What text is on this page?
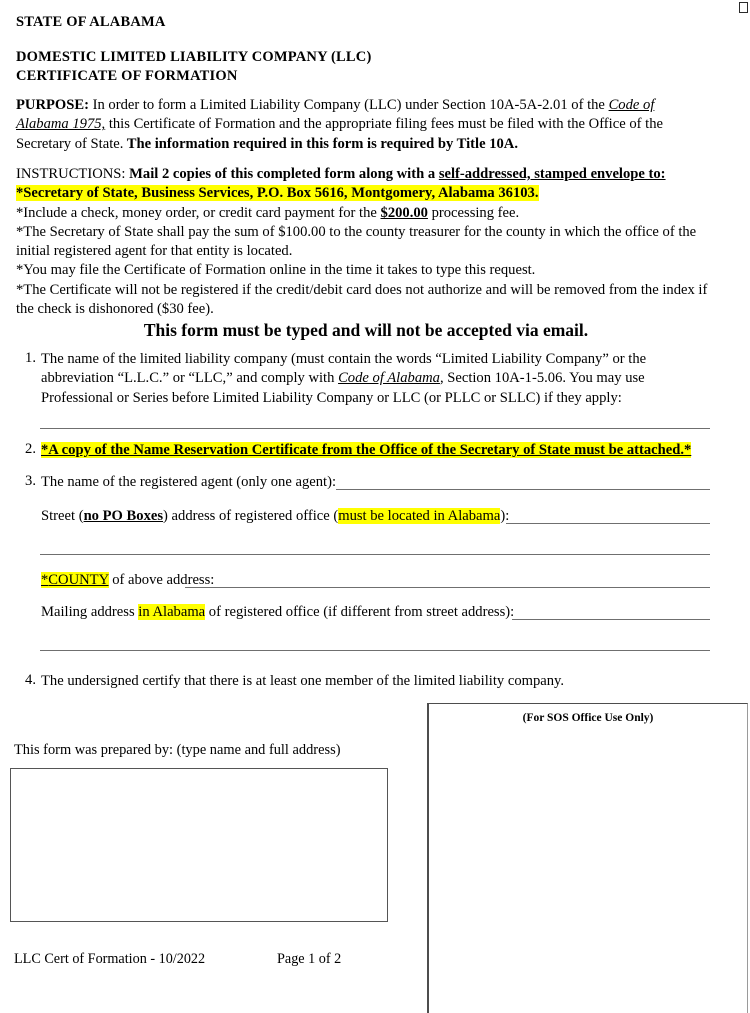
STATE OF ALABAMA
DOMESTIC LIMITED LIABILITY COMPANY (LLC)
CERTIFICATE OF FORMATION
PURPOSE: In order to form a Limited Liability Company (LLC) under Section 10A-5A-2.01 of the Code of Alabama 1975, this Certificate of Formation and the appropriate filing fees must be filed with the Office of the Secretary of State. The information required in this form is required by Title 10A.
INSTRUCTIONS: Mail 2 copies of this completed form along with a self-addressed, stamped envelope to:
*Secretary of State, Business Services, P.O. Box 5616, Montgomery, Alabama 36103.
*Include a check, money order, or credit card payment for the $200.00 processing fee.
*The Secretary of State shall pay the sum of $100.00 to the county treasurer for the county in which the office of the initial registered agent for that entity is located.
*You may file the Certificate of Formation online in the time it takes to type this request.
*The Certificate will not be registered if the credit/debit card does not authorize and will be removed from the index if the check is dishonored ($30 fee).
This form must be typed and will not be accepted via email.
1. The name of the limited liability company (must contain the words “Limited Liability Company” or the abbreviation “L.L.C.” or “LLC,” and comply with Code of Alabama, Section 10A-1-5.06. You may use Professional or Series before Limited Liability Company or LLC (or PLLC or SLLC) if they apply:
2. *A copy of the Name Reservation Certificate from the Office of the Secretary of State must be attached.*
3. The name of the registered agent (only one agent):
Street (no PO Boxes) address of registered office (must be located in Alabama):
*COUNTY of above address:
Mailing address in Alabama of registered office (if different from street address):
4. The undersigned certify that there is at least one member of the limited liability company.
(For SOS Office Use Only)
This form was prepared by: (type name and full address)
LLC Cert of Formation - 10/2022	Page 1 of 2
